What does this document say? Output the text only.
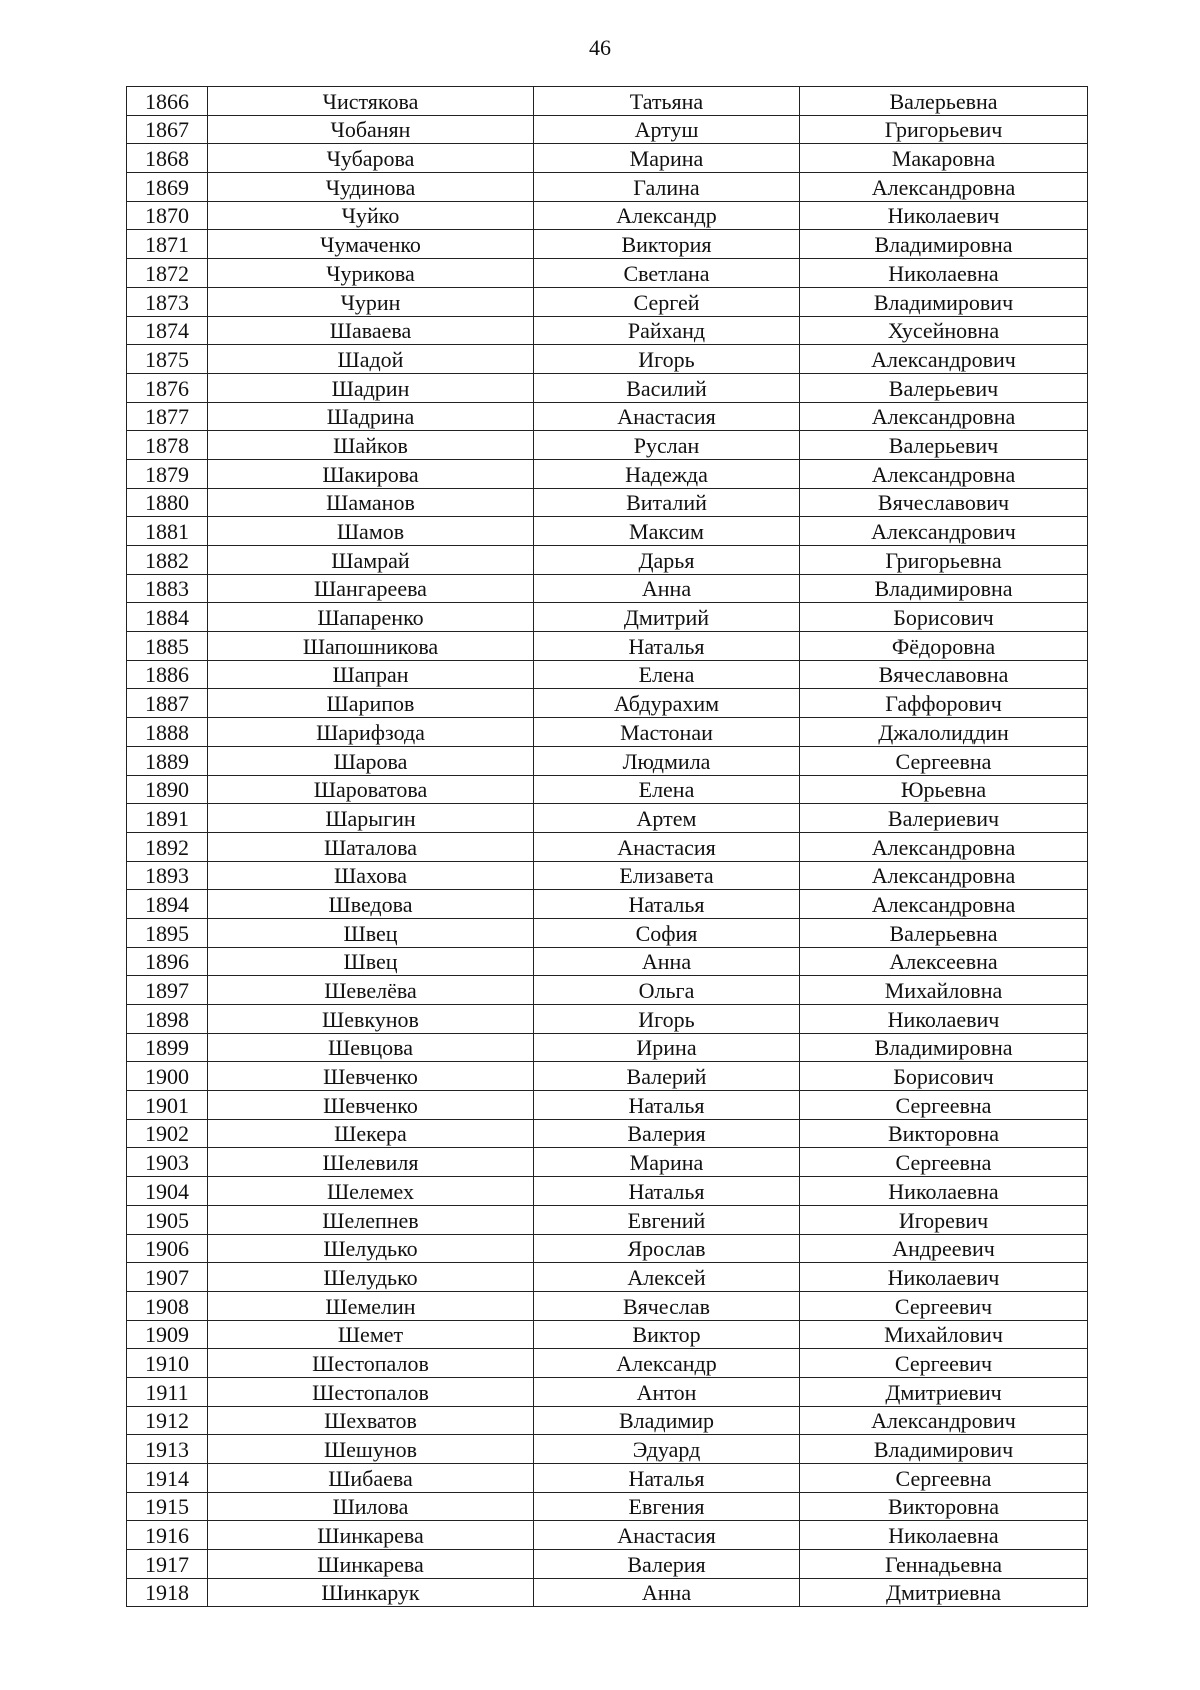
46
1866	Чистякова	Татьяна	Валерьевна
1867	Чобанян	Артуш	Григорьевич
1868	Чубарова	Марина	Макаровна
1869	Чудинова	Галина	Александровна
1870	Чуйко	Александр	Николаевич
1871	Чумаченко	Виктория	Владимировна
1872	Чурикова	Светлана	Николаевна
1873	Чурин	Сергей	Владимирович
1874	Шаваева	Райханд	Хусейновна
1875	Шадой	Игорь	Александрович
1876	Шадрин	Василий	Валерьевич
1877	Шадрина	Анастасия	Александровна
1878	Шайков	Руслан	Валерьевич
1879	Шакирова	Надежда	Александровна
1880	Шаманов	Виталий	Вячеславович
1881	Шамов	Максим	Александрович
1882	Шамрай	Дарья	Григорьевна
1883	Шангареева	Анна	Владимировна
1884	Шапаренко	Дмитрий	Борисович
1885	Шапошникова	Наталья	Фёдоровна
1886	Шапран	Елена	Вячеславовна
1887	Шарипов	Абдурахим	Гаффорович
1888	Шарифзода	Мастонаи	Джалолиддин
1889	Шарова	Людмила	Сергеевна
1890	Шароватова	Елена	Юрьевна
1891	Шарыгин	Артем	Валериевич
1892	Шаталова	Анастасия	Александровна
1893	Шахова	Елизавета	Александровна
1894	Шведова	Наталья	Александровна
1895	Швец	София	Валерьевна
1896	Швец	Анна	Алексеевна
1897	Шевелёва	Ольга	Михайловна
1898	Шевкунов	Игорь	Николаевич
1899	Шевцова	Ирина	Владимировна
1900	Шевченко	Валерий	Борисович
1901	Шевченко	Наталья	Сергеевна
1902	Шекера	Валерия	Викторовна
1903	Шелевиля	Марина	Сергеевна
1904	Шелемех	Наталья	Николаевна
1905	Шелепнев	Евгений	Игоревич
1906	Шелудько	Ярослав	Андреевич
1907	Шелудько	Алексей	Николаевич
1908	Шемелин	Вячеслав	Сергеевич
1909	Шемет	Виктор	Михайлович
1910	Шестопалов	Александр	Сергеевич
1911	Шестопалов	Антон	Дмитриевич
1912	Шехватов	Владимир	Александрович
1913	Шешунов	Эдуард	Владимирович
1914	Шибаева	Наталья	Сергеевна
1915	Шилова	Евгения	Викторовна
1916	Шинкарева	Анастасия	Николаевна
1917	Шинкарева	Валерия	Геннадьевна
1918	Шинкарук	Анна	Дмитриевна
